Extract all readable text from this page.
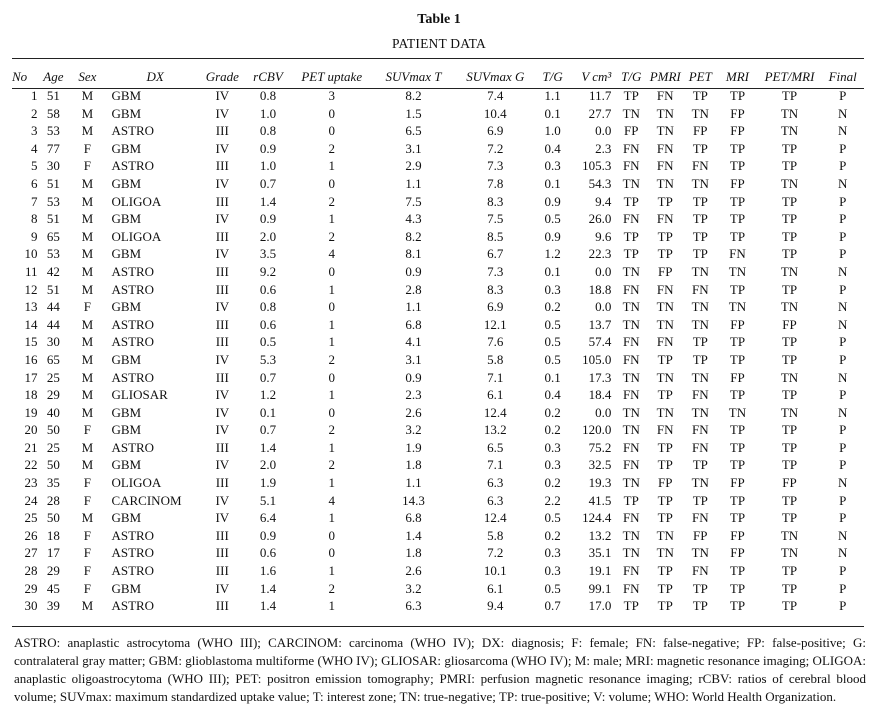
Table 1
PATIENT DATA
No	Age	Sex	DX	Grade	rCBV	PET uptake	SUVmax T	SUVmax G	T/G	V cm³	T/G	PMRI	PET	MRI	PET/MRI	Final
1	51	M	GBM	IV	0.8	3	8.2	7.4	1.1	11.7	TP	FN	TP	TP	TP	P
2	58	M	GBM	IV	1.0	0	1.5	10.4	0.1	27.7	TN	TN	TN	FP	TN	N
3	53	M	ASTRO	III	0.8	0	6.5	6.9	1.0	0.0	FP	TN	FP	FP	TN	N
4	77	F	GBM	IV	0.9	2	3.1	7.2	0.4	2.3	FN	FN	TP	TP	TP	P
5	30	F	ASTRO	III	1.0	1	2.9	7.3	0.3	105.3	FN	FN	FN	TP	TP	P
6	51	M	GBM	IV	0.7	0	1.1	7.8	0.1	54.3	TN	TN	TN	FP	TN	N
7	53	M	OLIGOA	III	1.4	2	7.5	8.3	0.9	9.4	TP	TP	TP	TP	TP	P
8	51	M	GBM	IV	0.9	1	4.3	7.5	0.5	26.0	FN	FN	TP	TP	TP	P
9	65	M	OLIGOA	III	2.0	2	8.2	8.5	0.9	9.6	TP	TP	TP	TP	TP	P
10	53	M	GBM	IV	3.5	4	8.1	6.7	1.2	22.3	TP	TP	TP	FN	TP	P
11	42	M	ASTRO	III	9.2	0	0.9	7.3	0.1	0.0	TN	FP	TN	TN	TN	N
12	51	M	ASTRO	III	0.6	1	2.8	8.3	0.3	18.8	FN	FN	FN	TP	TP	P
13	44	F	GBM	IV	0.8	0	1.1	6.9	0.2	0.0	TN	TN	TN	TN	TN	N
14	44	M	ASTRO	III	0.6	1	6.8	12.1	0.5	13.7	TN	TN	TN	FP	FP	N
15	30	M	ASTRO	III	0.5	1	4.1	7.6	0.5	57.4	FN	FN	TP	TP	TP	P
16	65	M	GBM	IV	5.3	2	3.1	5.8	0.5	105.0	FN	TP	TP	TP	TP	P
17	25	M	ASTRO	III	0.7	0	0.9	7.1	0.1	17.3	TN	TN	TN	FP	TN	N
18	29	M	GLIOSAR	IV	1.2	1	2.3	6.1	0.4	18.4	FN	TP	FN	TP	TP	P
19	40	M	GBM	IV	0.1	0	2.6	12.4	0.2	0.0	TN	TN	TN	TN	TN	N
20	50	F	GBM	IV	0.7	2	3.2	13.2	0.2	120.0	TN	FN	FN	TP	TP	P
21	25	M	ASTRO	III	1.4	1	1.9	6.5	0.3	75.2	FN	TP	FN	TP	TP	P
22	50	M	GBM	IV	2.0	2	1.8	7.1	0.3	32.5	FN	TP	TP	TP	TP	P
23	35	F	OLIGOA	III	1.9	1	1.1	6.3	0.2	19.3	TN	FP	TN	FP	FP	N
24	28	F	CARCINOM	IV	5.1	4	14.3	6.3	2.2	41.5	TP	TP	TP	TP	TP	P
25	50	M	GBM	IV	6.4	1	6.8	12.4	0.5	124.4	FN	TP	FN	TP	TP	P
26	18	F	ASTRO	III	0.9	0	1.4	5.8	0.2	13.2	TN	TN	FP	FP	TN	N
27	17	F	ASTRO	III	0.6	0	1.8	7.2	0.3	35.1	TN	TN	TN	FP	TN	N
28	29	F	ASTRO	III	1.6	1	2.6	10.1	0.3	19.1	FN	TP	FN	TP	TP	P
29	45	F	GBM	IV	1.4	2	3.2	6.1	0.5	99.1	FN	TP	TP	TP	TP	P
30	39	M	ASTRO	III	1.4	1	6.3	9.4	0.7	17.0	TP	TP	TP	TP	TP	P
ASTRO: anaplastic astrocytoma (WHO III); CARCINOM: carcinoma (WHO IV); DX: diagnosis; F: female; FN: false-negative; FP: false-positive; G: contralateral gray matter; GBM: glioblastoma multiforme (WHO IV); GLIOSAR: gliosarcoma (WHO IV); M: male; MRI: magnetic resonance imaging; OLIGOA: anaplastic oligoastrocytoma (WHO III); PET: positron emission tomography; PMRI: perfusion magnetic resonance imaging; rCBV: ratios of cerebral blood volume; SUVmax: maximum standardized uptake value; T: interest zone; TN: true-negative; TP: true-positive; V: volume; WHO: World Health Organization.
